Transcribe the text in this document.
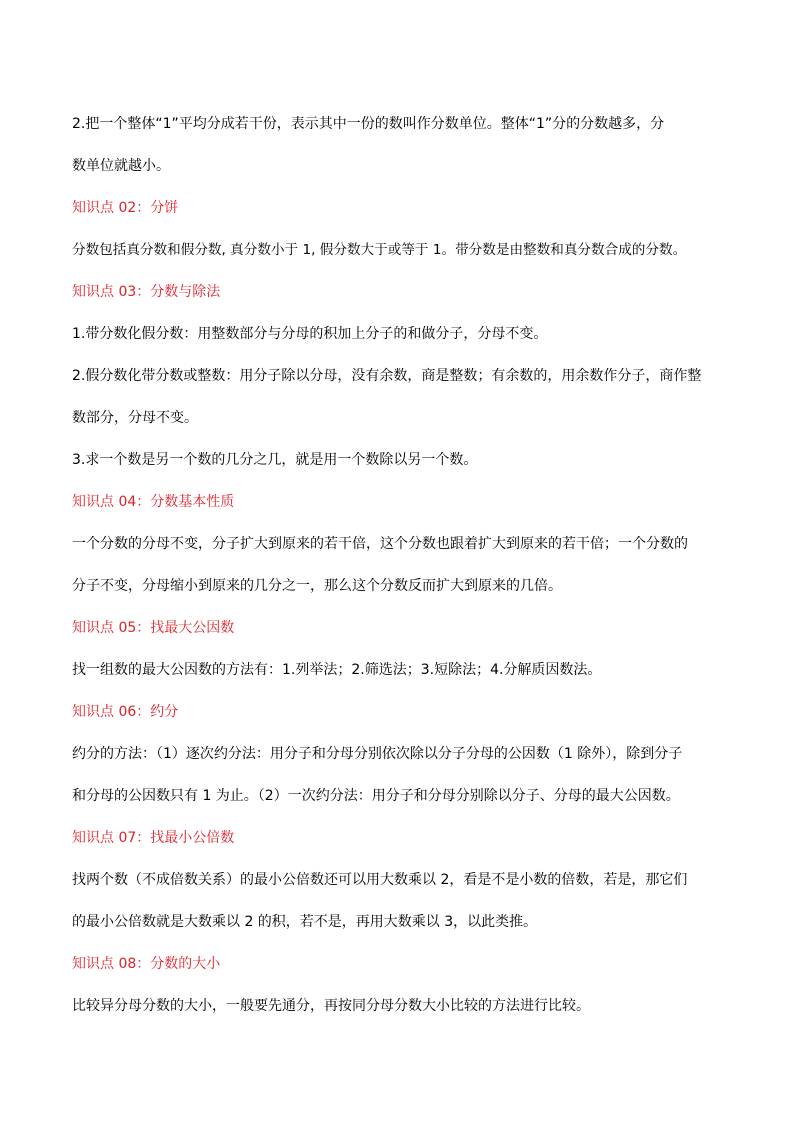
2.把一个整体“1”平均分成若干份，表示其中一份的数叫作分数单位。整体“1”分的分数越多，分
数单位就越小。
知识点 02：分饼
分数包括真分数和假分数, 真分数小于 1, 假分数大于或等于 1。带分数是由整数和真分数合成的分数。
知识点 03：分数与除法
1.带分数化假分数：用整数部分与分母的积加上分子的和做分子，分母不变。
2.假分数化带分数或整数：用分子除以分母，没有余数，商是整数；有余数的，用余数作分子，商作整
数部分，分母不变。
3.求一个数是另一个数的几分之几，就是用一个数除以另一个数。
知识点 04：分数基本性质
一个分数的分母不变，分子扩大到原来的若干倍，这个分数也跟着扩大到原来的若干倍；一个分数的
分子不变，分母缩小到原来的几分之一，那么这个分数反而扩大到原来的几倍。
知识点 05：找最大公因数
找一组数的最大公因数的方法有：1.列举法；2.筛选法；3.短除法；4.分解质因数法。
知识点 06：约分
约分的方法：（1）逐次约分法：用分子和分母分别依次除以分子分母的公因数（1 除外），除到分子
和分母的公因数只有 1 为止。（2）一次约分法：用分子和分母分别除以分子、分母的最大公因数。
知识点 07：找最小公倍数
找两个数（不成倍数关系）的最小公倍数还可以用大数乘以 2，看是不是小数的倍数，若是，那它们
的最小公倍数就是大数乘以 2 的积，若不是，再用大数乘以 3，以此类推。
知识点 08：分数的大小
比较异分母分数的大小，一般要先通分，再按同分母分数大小比较的方法进行比较。
